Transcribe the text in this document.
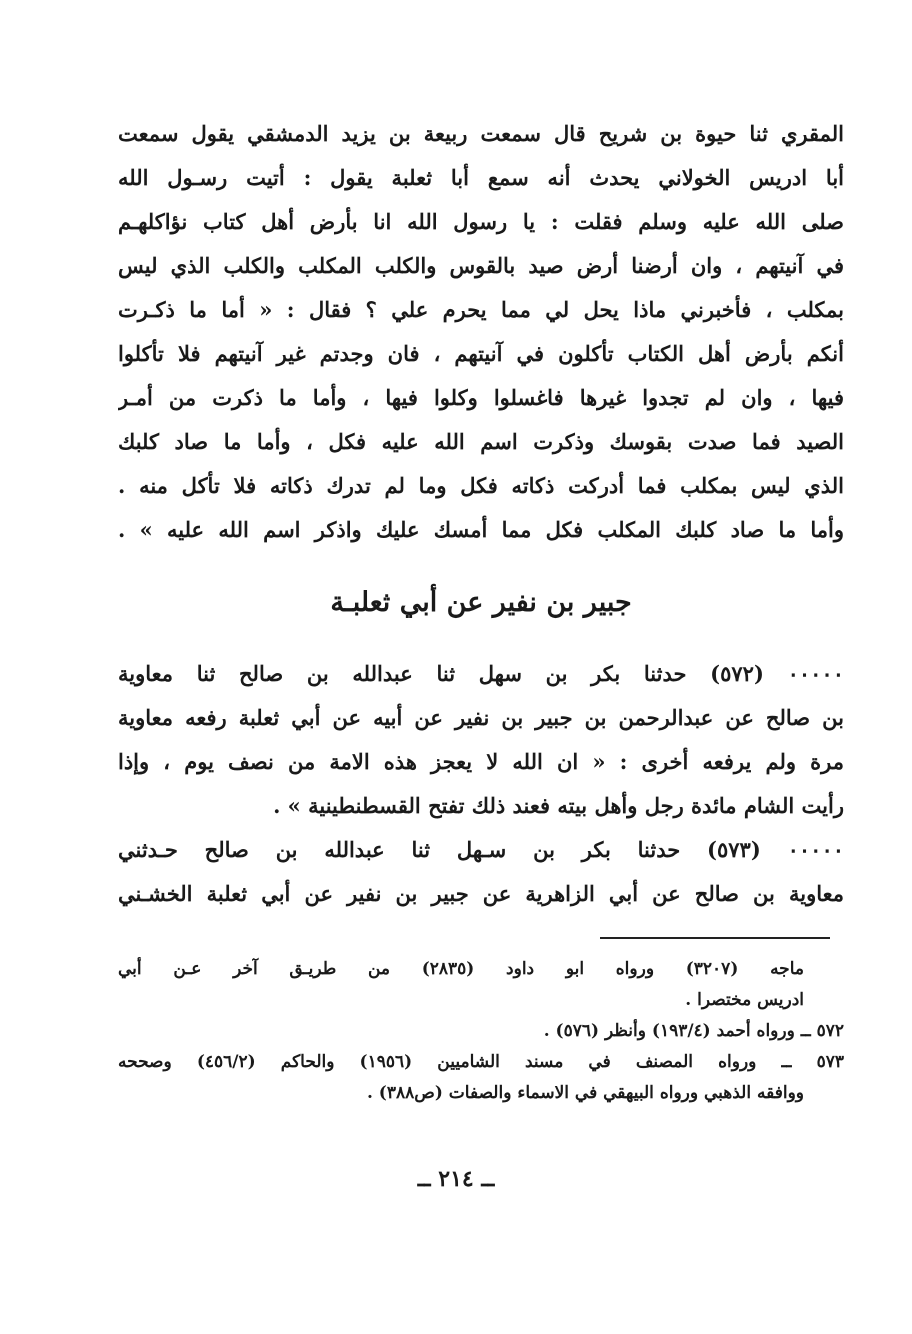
المقري ثنا حيوة بن شريح قال سمعت ربيعة بن يزيد الدمشقي يقول سمعت
أبا ادريس الخولاني يحدث أنه سمع أبا ثعلبة يقول : أتيت رسـول الله
صلى الله عليه وسلم فقلت : يا رسول الله انا بأرض أهل كتاب نؤاكلهـم
في آنيتهم ، وان أرضنا أرض صيد بالقوس والكلب المكلب والكلب الذي ليس
بمكلب ، فأخبرني ماذا يحل لي مما يحرم علي ؟ فقال : « أما ما ذكـرت
أنكم بأرض أهل الكتاب تأكلون في آنيتهم ، فان وجدتم غير آنيتهم فلا تأكلوا
فيها ، وان لم تجدوا غيرها فاغسلوا وكلوا فيها ، وأما ما ذكرت من أمـر
الصيد فما صدت بقوسك وذكرت اسم الله عليه فكل ، وأما ما صاد كلبك
الذي ليس بمكلب فما أدركت ذكاته فكل وما لم تدرك ذكاته فلا تأكل منه .
وأما ما صاد كلبك المكلب فكل مما أمسك عليك واذكر اسم الله عليه » .
جبير بن نفير عن أبي ثعلبـة
٠٠٠٠٠ (٥٧٢) حدثنا بكر بن سهل ثنا عبدالله بن صالح ثنا معاوية
بن صالح عن عبدالرحمن بن جبير بن نفير عن أبيه عن أبي ثعلبة رفعه معاوية
مرة ولم يرفعه أخرى : « ان الله لا يعجز هذه الامة من نصف يوم ، وإذا
رأيت الشام مائدة رجل وأهل بيته فعند ذلك تفتح القسطنطينية » .
٠٠٠٠٠ (٥٧٣) حدثنا بكر بن سـهل ثنا عبدالله بن صالح حـدثني
معاوية بن صالح عن أبي الزاهرية عن جبير بن نفير عن أبي ثعلبة الخشـني
ماجه (٣٢٠٧) ورواه ابو داود (٢٨٣٥) من طريـق آخر عـن أبي
ادريس مختصرا .
٥٧٢ ــ ورواه أحمد (١٩٣/٤) وأنظر (٥٧٦) .
٥٧٣ ــ ورواه المصنف في مسند الشاميين (١٩٥٦) والحاكم (٤٥٦/٢) وصححه
ووافقه الذهبي ورواه البيهقي في الاسماء والصفات (ص٣٨٨) .
ــ ٢١٤ ــ
